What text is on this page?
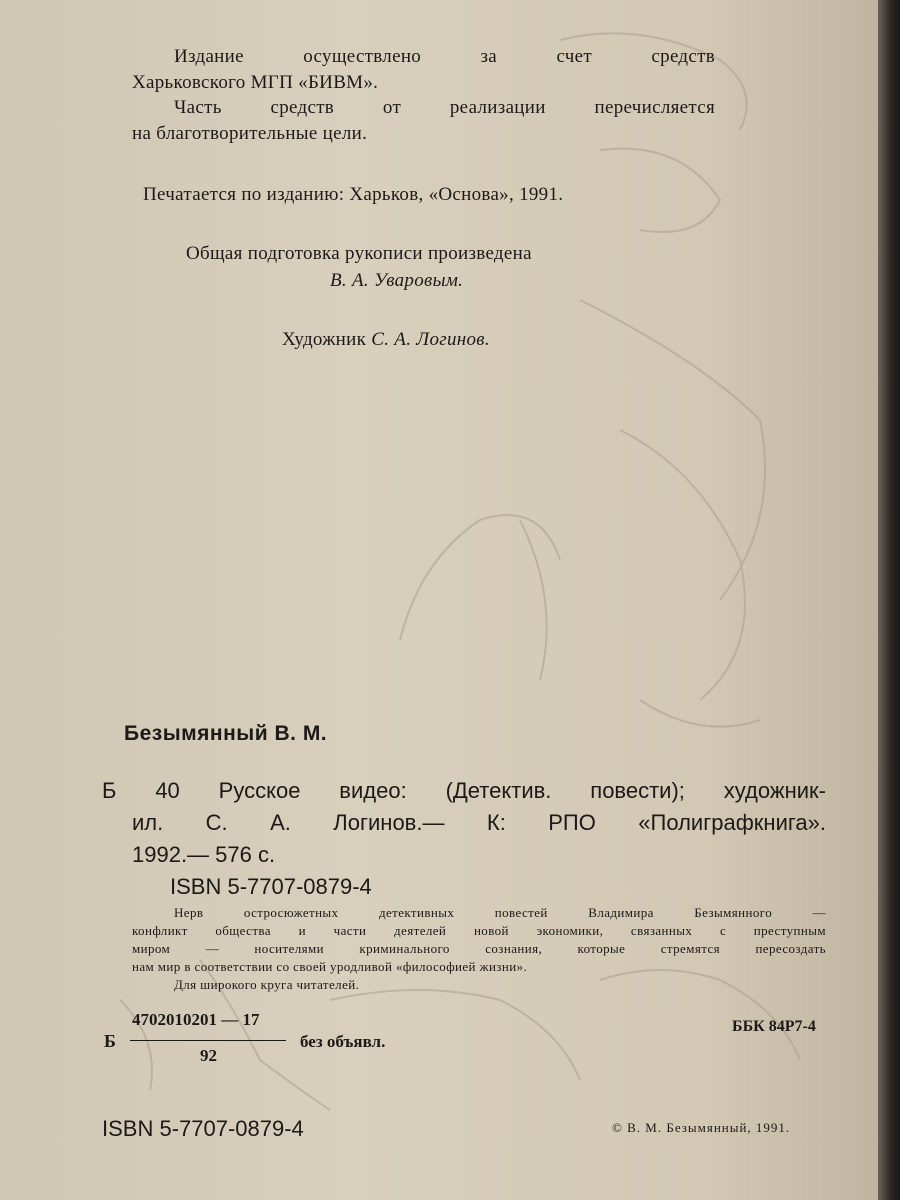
Издание осуществлено за счет средств
Харьковского МГП «БИВМ».
Часть средств от реализации перечисляется
на благотворительные цели.
Печатается по изданию: Харьков, «Основа», 1991.
Общая подготовка рукописи произведена
В. А. Уваровым.
Художник С. А. Логинов.
Безымянный В. М.
Б 40 Русское видео: (Детектив. повести); художник-
ил. С. А. Логинов.— К: РПО «Полиграфкнига».
1992.— 576 с.
ISBN 5-7707-0879-4
Нерв остросюжетных детективных повестей Владимира Безымянного —
конфликт общества и части деятелей новой экономики, связанных с преступным
миром — носителями криминального сознания, которые стремятся пересоздать
нам мир в соответствии со своей уродливой «философией жизни».
Для широкого круга читателей.
Б
4702010201 — 17
92
без объявл.
ББК 84Р7-4
ISBN 5-7707-0879-4	© В. М. Безымянный, 1991.
